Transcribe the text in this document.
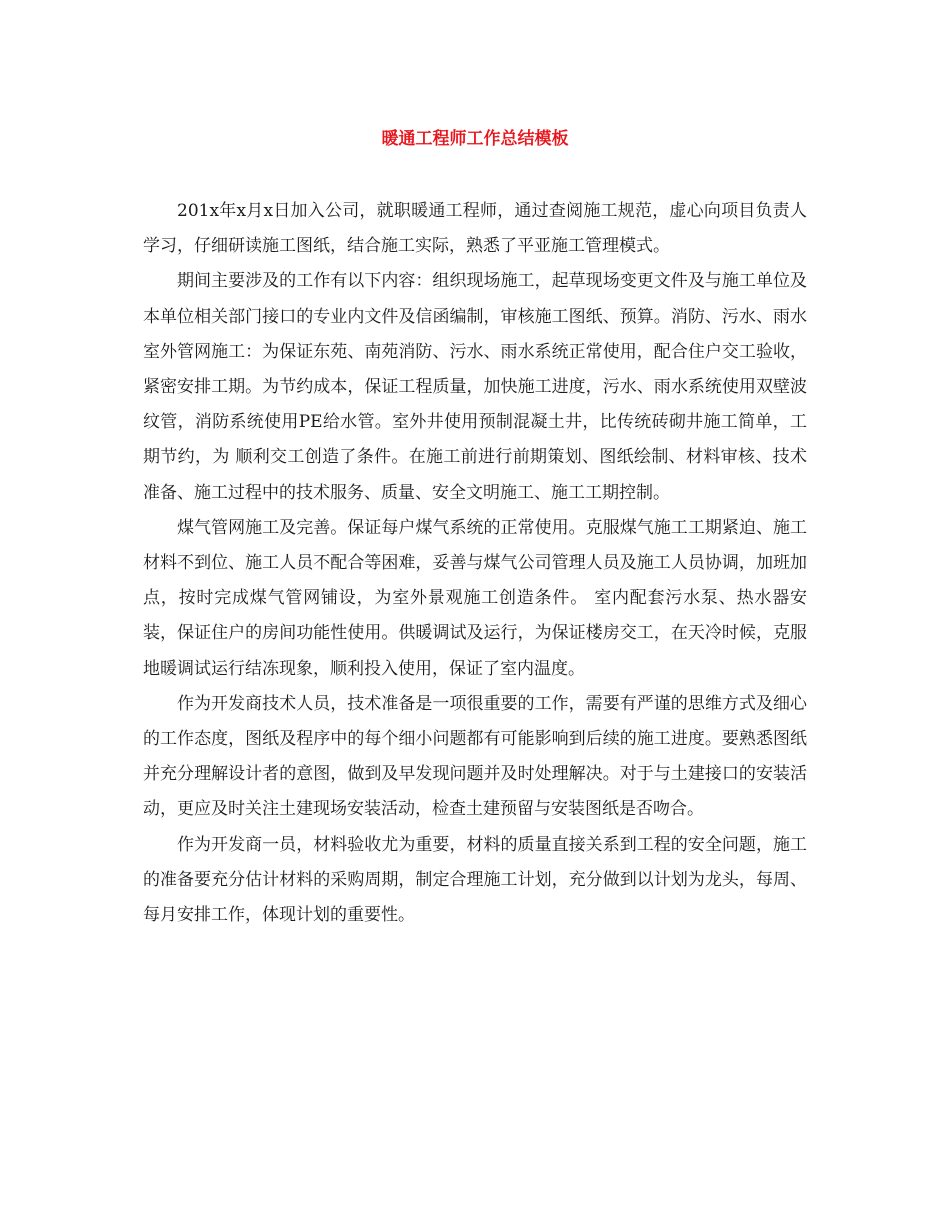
暖通工程师工作总结模板

201x年x月x日加入公司，就职暖通工程师，通过查阅施工规范，虚心向项目负责人学习，仔细研读施工图纸，结合施工实际，熟悉了平亚施工管理模式。

期间主要涉及的工作有以下内容：组织现场施工，起草现场变更文件及与施工单位及本单位相关部门接口的专业内文件及信函编制，审核施工图纸、预算。消防、污水、雨水室外管网施工：为保证东苑、南苑消防、污水、雨水系统正常使用，配合住户交工验收，紧密安排工期。为节约成本，保证工程质量，加快施工进度，污水、雨水系统使用双壁波纹管，消防系统使用PE给水管。室外井使用预制混凝土井，比传统砖砌井施工简单，工期节约，为 顺利交工创造了条件。在施工前进行前期策划、图纸绘制、材料审核、技术准备、施工过程中的技术服务、质量、安全文明施工、施工工期控制。

煤气管网施工及完善。保证每户煤气系统的正常使用。克服煤气施工工期紧迫、施工材料不到位、施工人员不配合等困难，妥善与煤气公司管理人员及施工人员协调，加班加点，按时完成煤气管网铺设，为室外景观施工创造条件。 室内配套污水泵、热水器安装，保证住户的房间功能性使用。供暖调试及运行，为保证楼房交工，在天冷时候，克服地暖调试运行结冻现象，顺利投入使用，保证了室内温度。

作为开发商技术人员，技术准备是一项很重要的工作，需要有严谨的思维方式及细心的工作态度，图纸及程序中的每个细小问题都有可能影响到后续的施工进度。要熟悉图纸并充分理解设计者的意图，做到及早发现问题并及时处理解决。对于与土建接口的安装活动，更应及时关注土建现场安装活动，检查土建预留与安装图纸是否吻合。

作为开发商一员，材料验收尤为重要，材料的质量直接关系到工程的安全问题，施工的准备要充分估计材料的采购周期，制定合理施工计划，充分做到以计划为龙头，每周、每月安排工作，体现计划的重要性。
